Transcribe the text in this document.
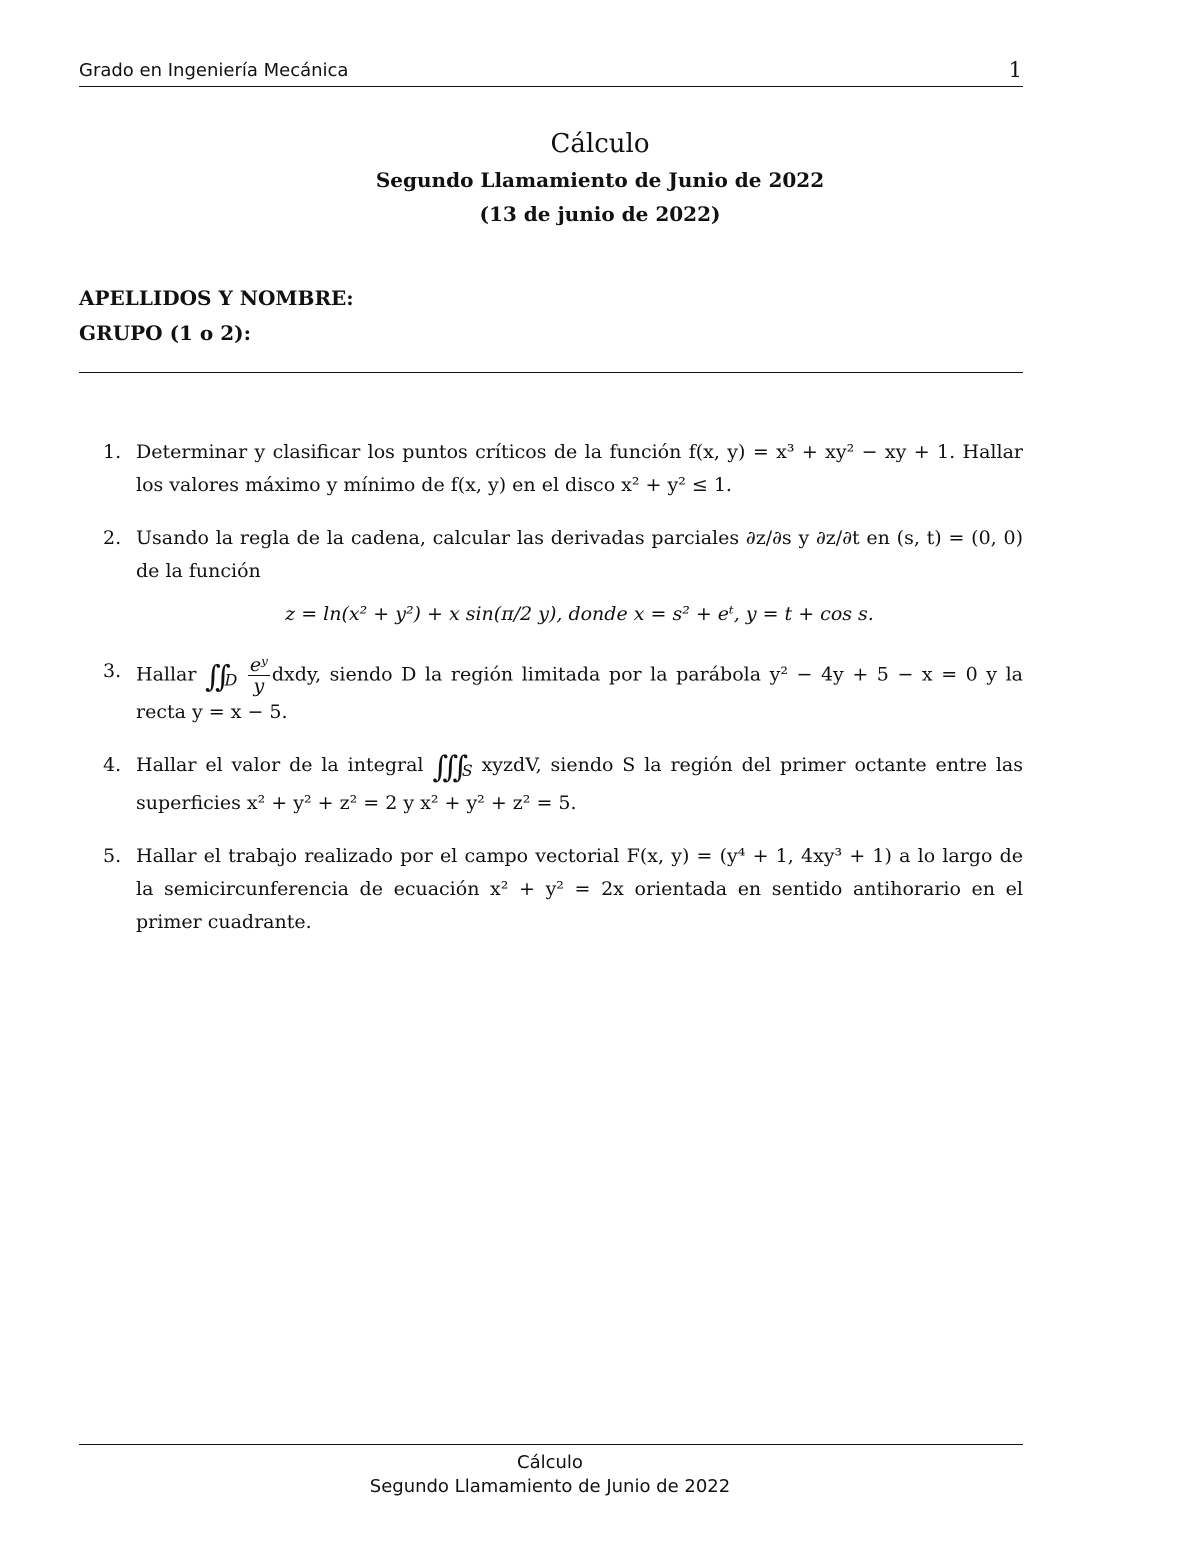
Grado en Ingeniería Mecánica	1
Cálculo
Segundo Llamamiento de Junio de 2022
(13 de junio de 2022)
APELLIDOS Y NOMBRE:
GRUPO (1 o 2):
1. Determinar y clasificar los puntos críticos de la función f(x, y) = x³ + xy² − xy + 1. Hallar los valores máximo y mínimo de f(x, y) en el disco x² + y² ≤ 1.
2. Usando la regla de la cadena, calcular las derivadas parciales ∂z/∂s y ∂z/∂t en (s, t) = (0, 0) de la función
z = ln(x² + y²) + x sin(π/2 y), donde x = s² + eᵗ, y = t + cos s.
3. Hallar $∬_D \frac{\text{eʸ}}{y}$ dxdy, siendo D la región limitada por la parábola y² − 4y + 5 − x = 0 y la recta y = x − 5.
4. Hallar el valor de la integral $∭_S$ xyzdV, siendo S la región del primer octante entre las superficies x² + y² + z² = 2 y x² + y² + z² = 5.
5. Hallar el trabajo realizado por el campo vectorial F(x, y) = (y⁴ + 1, 4xy³ + 1) a lo largo de la semicircunferencia de ecuación x² + y² = 2x orientada en sentido antihorario en el primer cuadrante.
Cálculo
Segundo Llamamiento de Junio de 2022
